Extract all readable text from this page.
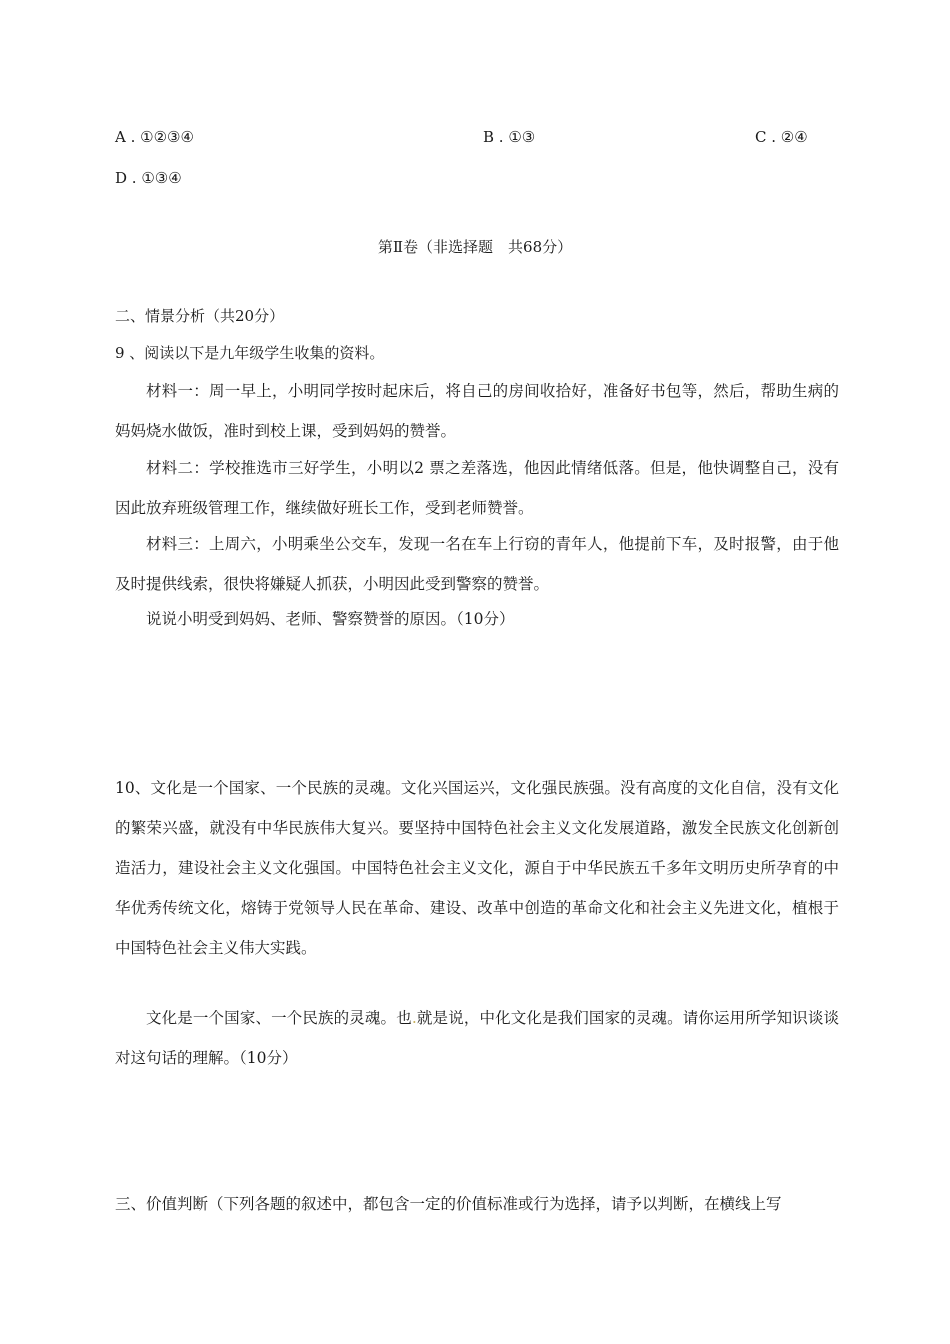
A . ①②③④	B . ①③	C . ②④
D . ①③④
第Ⅱ卷（非选择题　共68分）
二、情景分析（共20分）
9 、阅读以下是九年级学生收集的资料。

材料一：周一早上，小明同学按时起床后，将自己的房间收拾好，准备好书包等，然后，帮助生病的妈妈烧水做饭，准时到校上课，受到妈妈的赞誉。

材料二：学校推选市三好学生，小明以2 票之差落选，他因此情绪低落。但是，他快调整自己，没有因此放弃班级管理工作，继续做好班长工作，受到老师赞誉。

材料三：上周六，小明乘坐公交车，发现一名在车上行窃的青年人，他提前下车，及时报警，由于他及时提供线索，很快将嫌疑人抓获，小明因此受到警察的赞誉。

说说小明受到妈妈、老师、警察赞誉的原因。（10分）

10、文化是一个国家、一个民族的灵魂。文化兴国运兴，文化强民族强。没有高度的文化自信，没有文化的繁荣兴盛，就没有中华民族伟大复兴。要坚持中国特色社会主义文化发展道路，激发全民族文化创新创造活力，建设社会主义文化强国。中国特色社会主义文化，源自于中华民族五千多年文明历史所孕育的中华优秀传统文化，熔铸于党领导人民在革命、建设、改革中创造的革命文化和社会主义先进文化，植根于中国特色社会主义伟大实践。

文化是一个国家、一个民族的灵魂。也.就是说，中化文化是我们国家的灵魂。请你运用所学知识谈谈对这句话的理解。（10分）

三、价值判断（下列各题的叙述中，都包含一定的价值标准或行为选择，请予以判断，在横线上写
